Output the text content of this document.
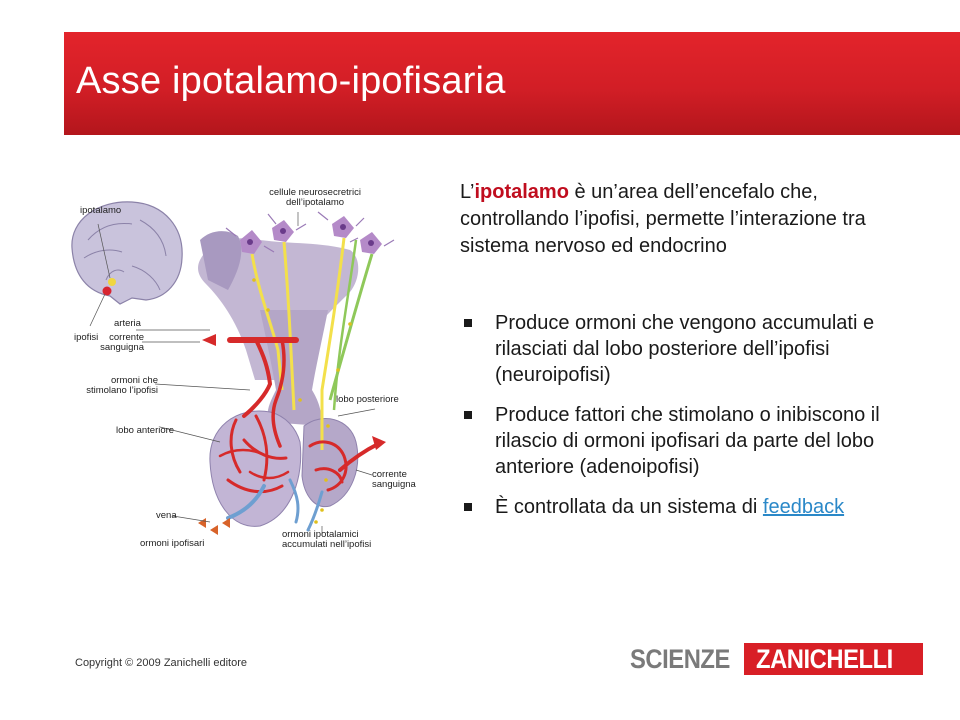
Asse ipotalamo-ipofisaria
ipotalamo
ipofisi
cellule neurosecretrici dell’ipotalamo
arteria
corrente sanguigna
ormoni che stimolano l’ipofisi
lobo posteriore
lobo anteriore
corrente sanguigna
vena
ormoni ipofisari
ormoni ipotalamici accumulati nell’ipofisi
L’ipotalamo è un’area dell’encefalo che, controllando l’ipofisi, permette l’interazione tra sistema nervoso ed endocrino
Produce ormoni che vengono accumulati e rilasciati dal lobo posteriore dell’ipofisi (neuroipofisi)
Produce fattori che stimolano o inibiscono il rilascio di ormoni ipofisari da parte del lobo anteriore (adenoipofisi)
È controllata da un sistema di feedback
Copyright © 2009 Zanichelli editore	SCIENZE ZANICHELLI
